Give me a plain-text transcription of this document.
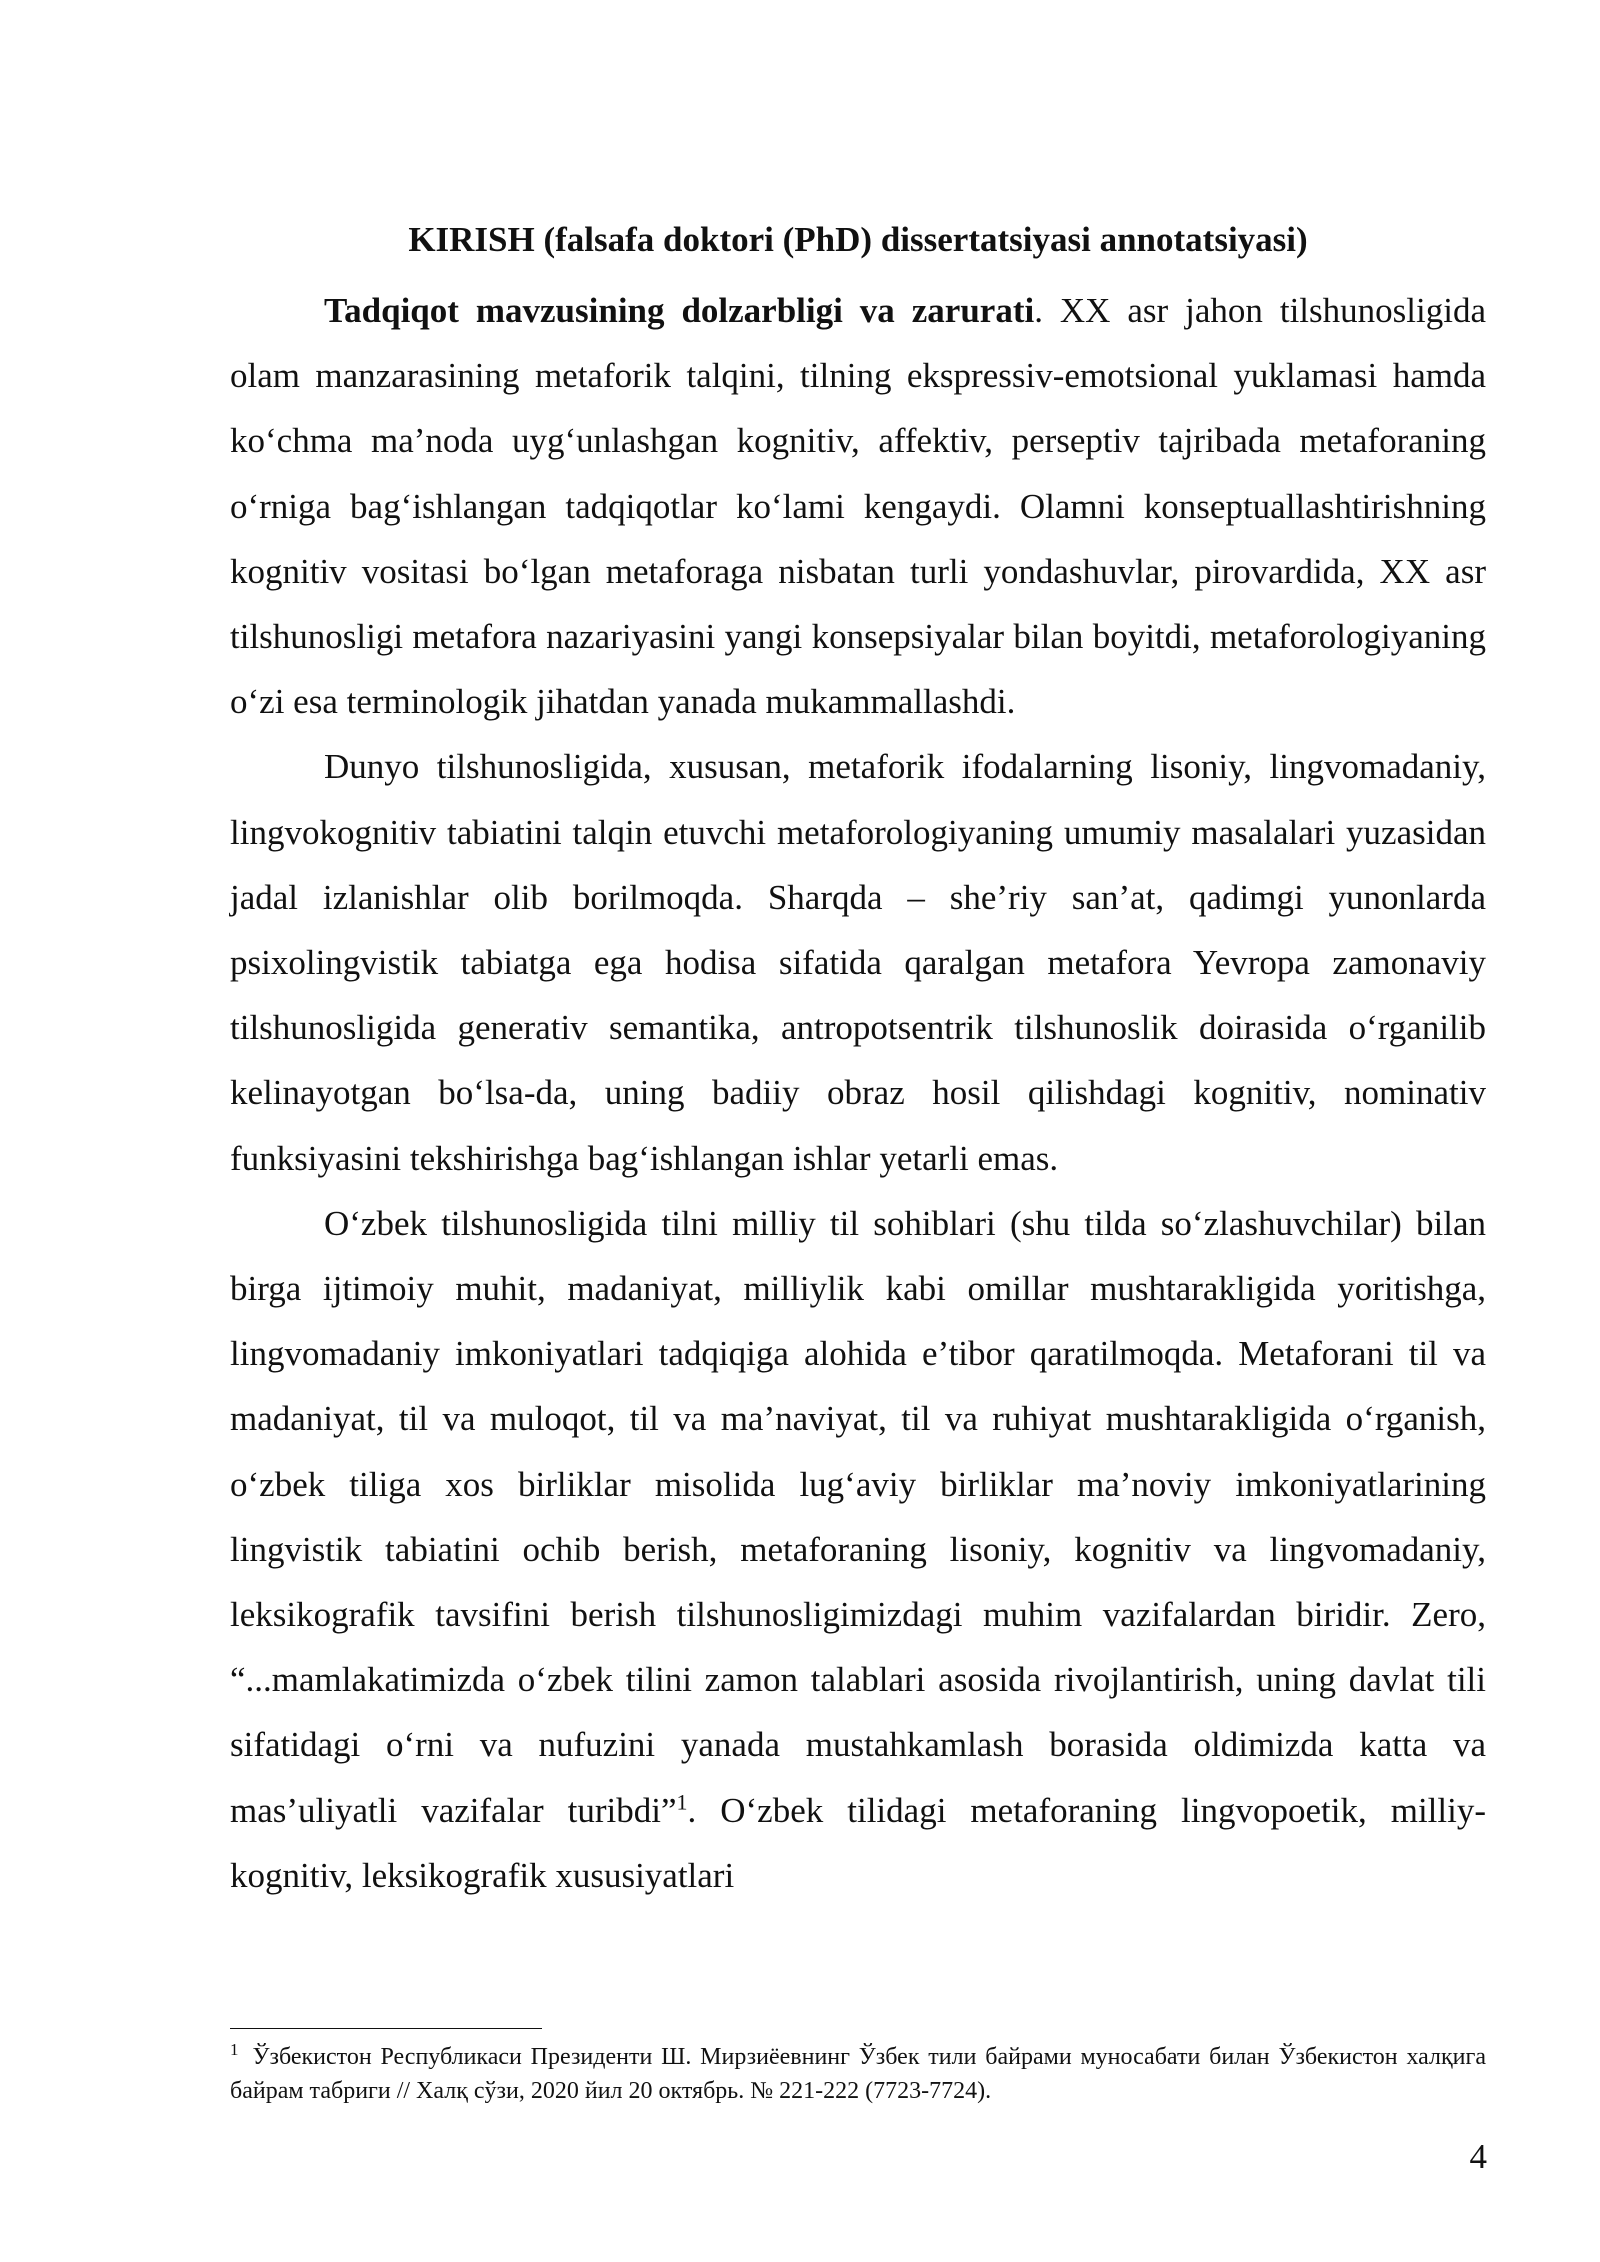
KIRISH (falsafa doktori (PhD) dissertatsiyasi annotatsiyasi)

Tadqiqot mavzusining dolzarbligi va zarurati. XX asr jahon tilshunosligida olam manzarasining metaforik talqini, tilning ekspressiv-emotsional yuklamasi hamda ko‘chma ma’noda uyg‘unlashgan kognitiv, affektiv, perseptiv tajribada metaforaning o‘rniga bag‘ishlangan tadqiqotlar ko‘lami kengaydi. Olamni konseptuallashtirishning kognitiv vositasi bo‘lgan metaforaga nisbatan turli yondashuvlar, pirovardida, XX asr tilshunosligi metafora nazariyasini yangi konsepsiyalar bilan boyitdi, metaforologiyaning o‘zi esa terminologik jihatdan yanada mukammallashdi.

Dunyo tilshunosligida, xususan, metaforik ifodalarning lisoniy, lingvomadaniy, lingvokognitiv tabiatini talqin etuvchi metaforologiyaning umumiy masalalari yuzasidan jadal izlanishlar olib borilmoqda. Sharqda – she’riy san’at, qadimgi yunonlarda psixolingvistik tabiatga ega hodisa sifatida qaralgan metafora Yevropa zamonaviy tilshunosligida generativ semantika, antropotsentrik tilshunoslik doirasida o‘rganilib kelinayotgan bo‘lsa-da, uning badiiy obraz hosil qilishdagi kognitiv, nominativ funksiyasini tekshirishga bag‘ishlangan ishlar yetarli emas.

O‘zbek tilshunosligida tilni milliy til sohiblari (shu tilda so‘zlashuvchilar) bilan birga ijtimoiy muhit, madaniyat, milliylik kabi omillar mushtarakligida yoritishga, lingvomadaniy imkoniyatlari tadqiqiga alohida e’tibor qaratilmoqda. Metaforani til va madaniyat, til va muloqot, til va ma’naviyat, til va ruhiyat mushtarakligida o‘rganish, o‘zbek tiliga xos birliklar misolida lug‘aviy birliklar ma’noviy imkoniyatlarining lingvistik tabiatini ochib berish, metaforaning lisoniy, kognitiv va lingvomadaniy, leksikografik tavsifini berish tilshunosligimizdagi muhim vazifalardan biridir. Zero, “...mamlakatimizda o‘zbek tilini zamon talablari asosida rivojlantirish, uning davlat tili sifatidagi o‘rni va nufuzini yanada mustahkamlash borasida oldimizda katta va mas’uliyatli vazifalar turibdi”$^1$. O‘zbek tilidagi metaforaning lingvopoetik, milliy-kognitiv, leksikografik xususiyatlari

$^1$ Ўзбекистон Республикаси Президенти Ш. Мирзиёевнинг Ўзбек тили байрами муносабати билан Ўзбекистон халқига байрам табриги // Халқ сўзи, 2020 йил 20 октябрь. № 221-222 (7723-7724).

4
